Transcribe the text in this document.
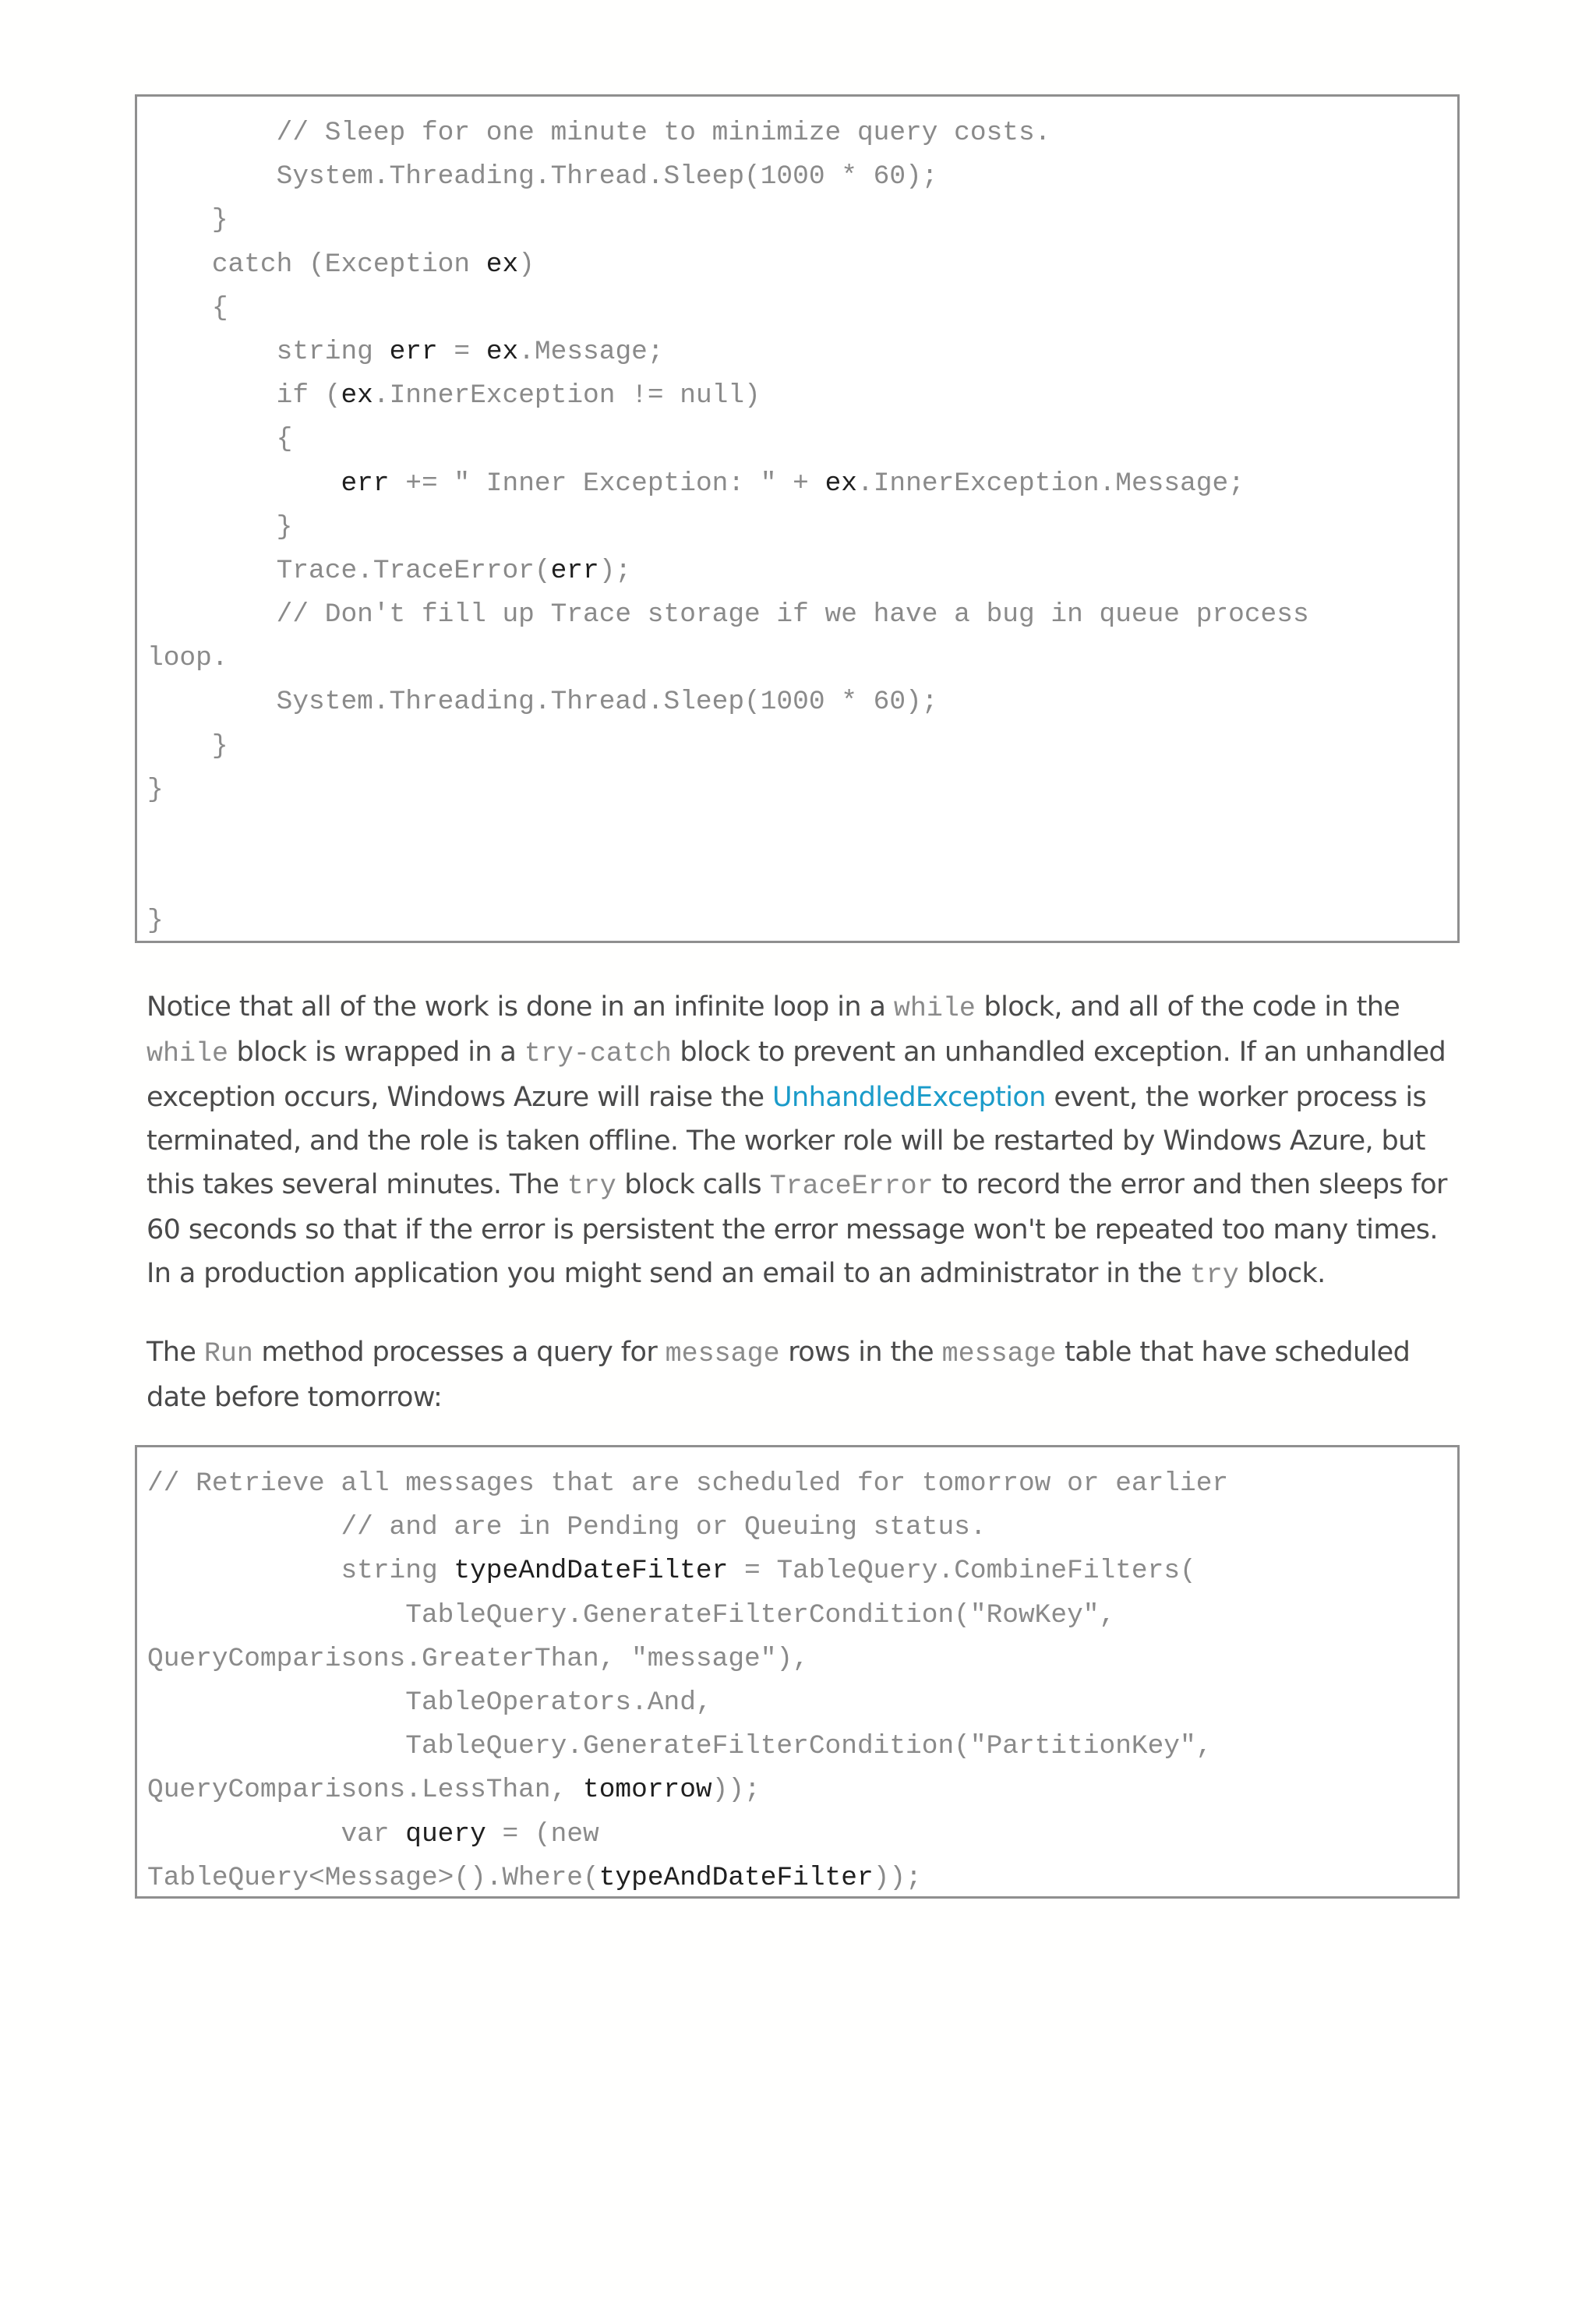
// Sleep for one minute to minimize query costs.
System.Threading.Thread.Sleep(1000 * 60);
}
catch (Exception ex)
{
string err = ex.Message;
if (ex.InnerException != null)
{
err += " Inner Exception: " + ex.InnerException.Message;
}
Trace.TraceError(err);
// Don't fill up Trace storage if we have a bug in queue process
loop.
System.Threading.Thread.Sleep(1000 * 60);
}
}
}

Notice that all of the work is done in an infinite loop in a while block, and all of the code in the while block is wrapped in a try-catch block to prevent an unhandled exception. If an unhandled exception occurs, Windows Azure will raise the UnhandledException event, the worker process is terminated, and the role is taken offline. The worker role will be restarted by Windows Azure, but this takes several minutes. The try block calls TraceError to record the error and then sleeps for 60 seconds so that if the error is persistent the error message won't be repeated too many times. In a production application you might send an email to an administrator in the try block.

The Run method processes a query for message rows in the message table that have scheduled date before tomorrow:

// Retrieve all messages that are scheduled for tomorrow or earlier
// and are in Pending or Queuing status.
string typeAndDateFilter = TableQuery.CombineFilters(
TableQuery.GenerateFilterCondition("RowKey",
QueryComparisons.GreaterThan, "message"),
TableOperators.And,
TableQuery.GenerateFilterCondition("PartitionKey",
QueryComparisons.LessThan, tomorrow));
var query = (new
TableQuery<Message>().Where(typeAndDateFilter));
